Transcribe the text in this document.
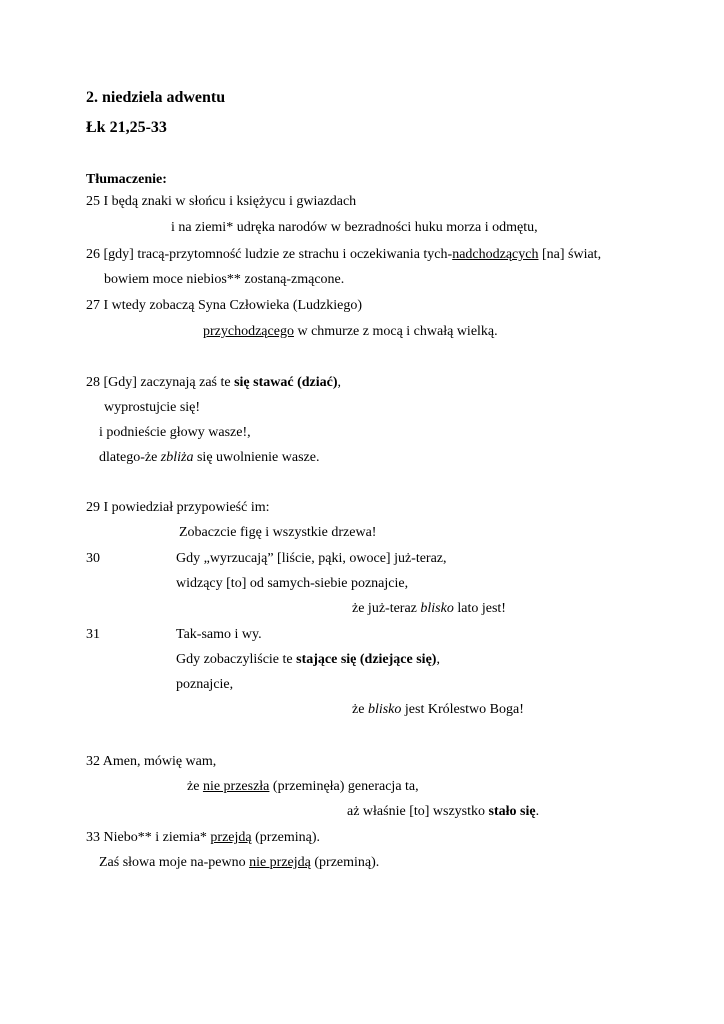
2. niedziela adwentu
Łk 21,25-33
Tłumaczenie:
25 I będą znaki w słońcu i księżycu i gwiazdach
i na ziemi* udręka narodów w bezradności huku morza i odmętu,
26 [gdy] tracą-przytomność ludzie ze strachu i oczekiwania tych-nadchodzących [na] świat,
bowiem moce niebios** zostaną-zmącone.
27 I wtedy zobaczą Syna Człowieka (Ludzkiego)
przychodzącego w chmurze z mocą i chwałą wielką.
28 [Gdy] zaczynają zaś te się stawać (dziać),
wyprostujcie się!
i podnieście głowy wasze!,
dlatego-że zbliża się uwolnienie wasze.
29 I powiedział przypowieść im:
Zobaczcie figę i wszystkie drzewa!
30	Gdy „wyrzucają” [liście, pąki, owoce] już-teraz,
widzący [to] od samych-siebie poznajcie,
że już-teraz blisko lato jest!
31	Tak-samo i wy.
Gdy zobaczyliście te stające się (dziejące się),
poznajcie,
że blisko jest Królestwo Boga!
32 Amen, mówię wam,
że nie przeszła (przeminęła) generacja ta,
aż właśnie [to] wszystko stało się.
33 Niebo** i ziemia* przejdą (przeminą).
Zaś słowa moje na-pewno nie przejdą (przeminą).
